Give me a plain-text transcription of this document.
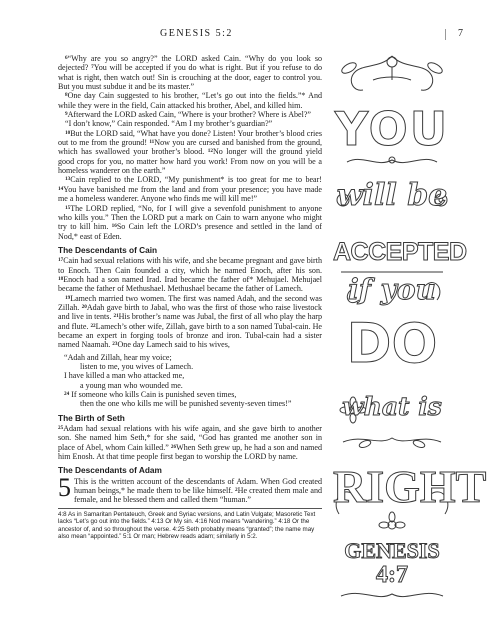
GENESIS 5:2	7

$^6$“Why are you so angry?” the LORD asked Cain. “Why do you look so dejected? $^7$You will be accepted if you do what is right. But if you refuse to do what is right, then watch out! Sin is crouching at the door, eager to control you. But you must subdue it and be its master.”

$^8$One day Cain suggested to his brother, “Let’s go out into the fields.”* And while they were in the field, Cain attacked his brother, Abel, and killed him.

$^9$Afterward the LORD asked Cain, “Where is your brother? Where is Abel?”

“I don’t know,” Cain responded. “Am I my brother’s guardian?”

$^{10}$But the LORD said, “What have you done? Listen! Your brother’s blood cries out to me from the ground! $^{11}$Now you are cursed and banished from the ground, which has swallowed your brother’s blood. $^{12}$No longer will the ground yield good crops for you, no matter how hard you work! From now on you will be a homeless wanderer on the earth.”

$^{13}$Cain replied to the LORD, “My punishment* is too great for me to bear! $^{14}$You have banished me from the land and from your presence; you have made me a homeless wanderer. Anyone who finds me will kill me!”

$^{15}$The LORD replied, “No, for I will give a sevenfold punishment to anyone who kills you.” Then the LORD put a mark on Cain to warn anyone who might try to kill him. $^{16}$So Cain left the LORD’s presence and settled in the land of Nod,* east of Eden.

The Descendants of Cain

$^{17}$Cain had sexual relations with his wife, and she became pregnant and gave birth to Enoch. Then Cain founded a city, which he named Enoch, after his son. $^{18}$Enoch had a son named Irad. Irad became the father of* Mehujael. Mehujael became the father of Methushael. Methushael became the father of Lamech.

$^{19}$Lamech married two women. The first was named Adah, and the second was Zillah. $^{20}$Adah gave birth to Jabal, who was the first of those who raise livestock and live in tents. $^{21}$His brother’s name was Jubal, the first of all who play the harp and flute. $^{22}$Lamech’s other wife, Zillah, gave birth to a son named Tubal-cain. He became an expert in forging tools of bronze and iron. Tubal-cain had a sister named Naamah. $^{23}$One day Lamech said to his wives,

“Adah and Zillah, hear my voice;
listen to me, you wives of Lamech.
I have killed a man who attacked me,
a young man who wounded me.
$^{24}$ If someone who kills Cain is punished seven times,
then the one who kills me will be punished seventy-seven times!”
The Birth of Seth

$^{25}$Adam had sexual relations with his wife again, and she gave birth to another son. She named him Seth,* for she said, “God has granted me another son in place of Abel, whom Cain killed.” $^{26}$When Seth grew up, he had a son and named him Enosh. At that time people first began to worship the LORD by name.

The Descendants of Adam

5 This is the written account of the descendants of Adam. When God created human beings,* he made them to be like himself. $^2$He created them male and female, and he blessed them and called them “human.”

4:8 As in Samaritan Pentateuch, Greek and Syriac versions, and Latin Vulgate; Masoretic Text lacks “Let’s go out into the fields.” 4:13 Or My sin. 4:16 Nod means “wandering.” 4:18 Or the ancestor of, and so throughout the verse. 4:25 Seth probably means “granted”; the name may also mean “appointed.” 5:1 Or man; Hebrew reads adam; similarly in 5:2.
YOU
will be
ACCEPTED
if you
DO
what is
RIGHT
GENESIS
4:7
